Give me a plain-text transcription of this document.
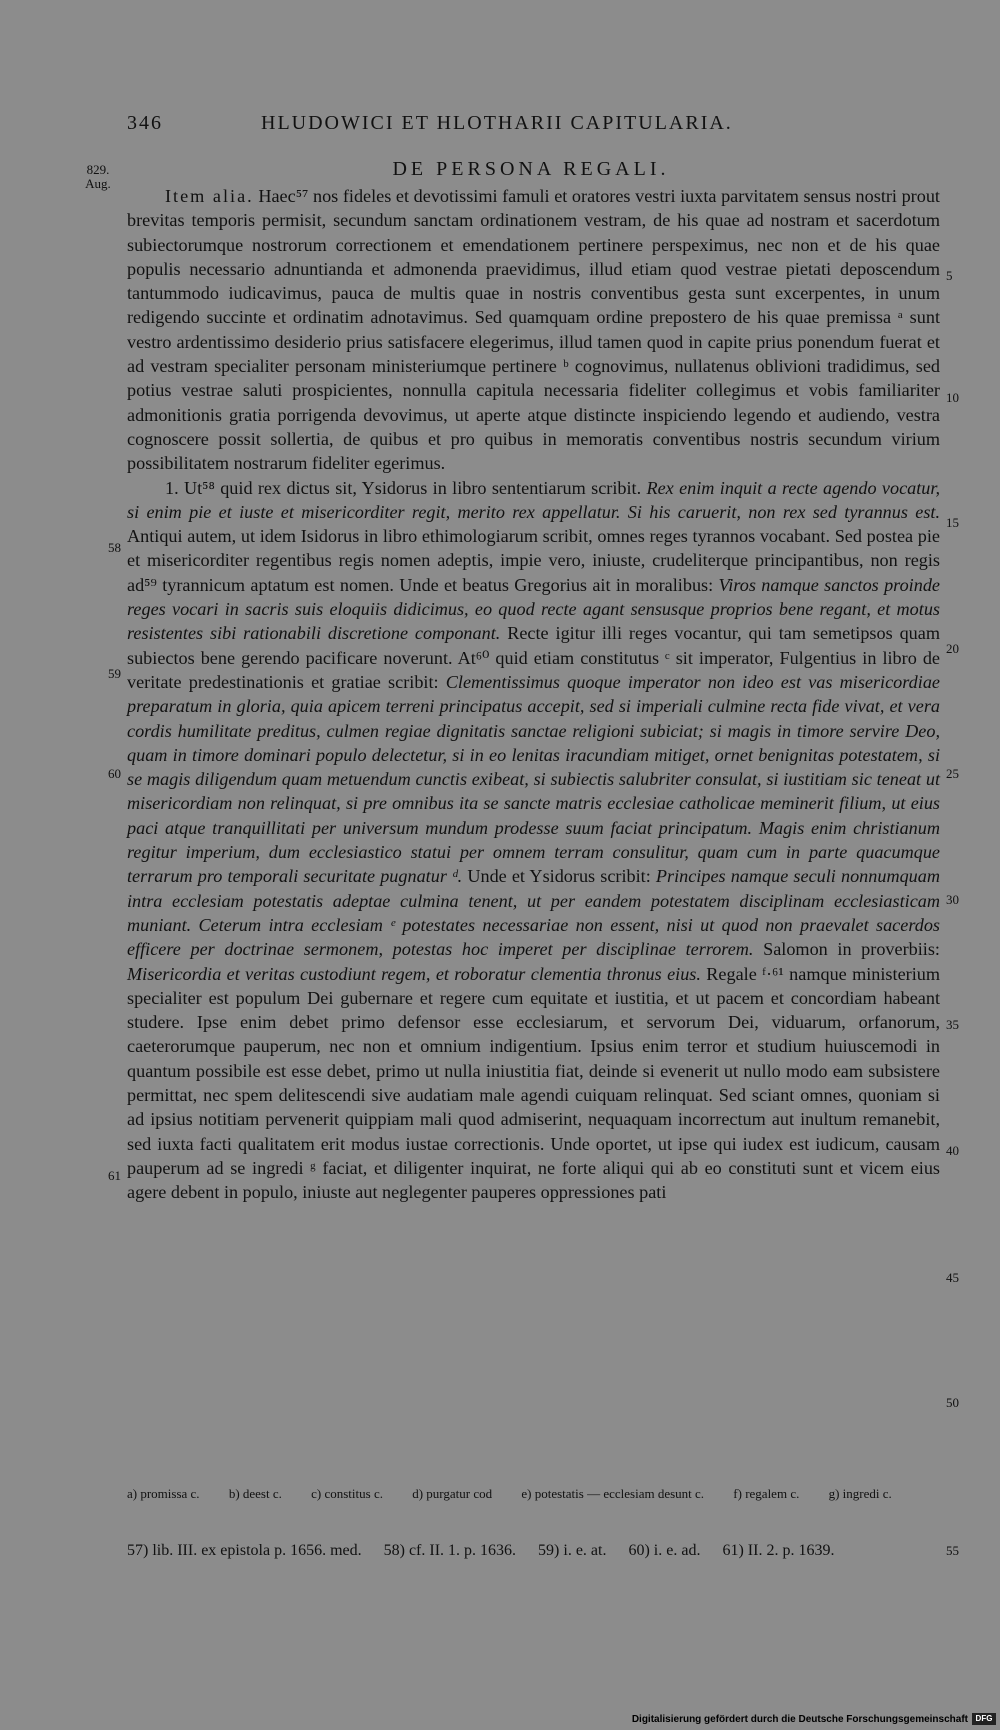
346	HLUDOWICI ET HLOTHARII CAPITULARIA.
829.
Aug.
DE PERSONA REGALI.

Item alia. Haec⁵⁷ nos fideles et devotissimi famuli et oratores vestri iuxta parvitatem sensus nostri prout brevitas temporis permisit, secundum sanctam ordinationem vestram, de his quae ad nostram et sacerdotum subiectorumque nostrorum correctionem et emendationem pertinere perspeximus, nec non et de his quae populis necessario adnuntianda et admonenda praevidimus, illud etiam quod vestrae pietati deposcendum tantummodo iudicavimus, pauca de multis quae in nostris conventibus gesta sunt excerpentes, in unum redigendo succinte et ordinatim adnotavimus. Sed quamquam ordine prepostero de his quae premissa ᵃ sunt vestro ardentissimo desiderio prius satisfacere elegerimus, illud tamen quod in capite prius ponendum fuerat et ad vestram specialiter personam ministeriumque pertinere ᵇ cognovimus, nullatenus oblivioni tradidimus, sed potius vestrae saluti prospicientes, nonnulla capitula necessaria fideliter collegimus et vobis familiariter admonitionis gratia porrigenda devovimus, ut aperte atque distincte inspiciendo legendo et audiendo, vestra cognoscere possit sollertia, de quibus et pro quibus in memoratis conventibus nostris secundum virium possibilitatem nostrarum fideliter egerimus.

1. Ut⁵⁸ quid rex dictus sit, Ysidorus in libro sententiarum scribit. Rex enim inquit a recte agendo vocatur, si enim pie et iuste et misericorditer regit, merito rex appellatur. Si his caruerit, non rex sed tyrannus est. Antiqui autem, ut idem Isidorus in libro ethimologiarum scribit, omnes reges tyrannos vocabant. Sed postea pie et misericorditer regentibus regis nomen adeptis, impie vero, iniuste, crudeliterque principantibus, non regis ad⁵⁹ tyrannicum aptatum est nomen. Unde et beatus Gregorius ait in moralibus: Viros namque sanctos proinde reges vocari in sacris suis eloquiis didicimus, eo quod recte agant sensusque proprios bene regant, et motus resistentes sibi rationabili discretione componant. Recte igitur illi reges vocantur, qui tam semetipsos quam subiectos bene gerendo pacificare noverunt. At⁶⁰ quid etiam constitutus ᶜ sit imperator, Fulgentius in libro de veritate predestinationis et gratiae scribit: Clementissimus quoque imperator non ideo est vas misericordiae preparatum in gloria, quia apicem terreni principatus accepit, sed si imperiali culmine recta fide vivat, et vera cordis humilitate preditus, culmen regiae dignitatis sanctae religioni subiciat; si magis in timore servire Deo, quam in timore dominari populo delectetur, si in eo lenitas iracundiam mitiget, ornet benignitas potestatem, si se magis diligendum quam metuendum cunctis exibeat, si subiectis salubriter consulat, si iustitiam sic teneat ut misericordiam non relinquat, si pre omnibus ita se sancte matris ecclesiae catholicae meminerit filium, ut eius paci atque tranquillitati per universum mundum prodesse suum faciat principatum. Magis enim christianum regitur imperium, dum ecclesiastico statui per omnem terram consulitur, quam cum in parte quacumque terrarum pro temporali securitate pugnatur ᵈ. Unde et Ysidorus scribit: Principes namque seculi nonnumquam intra ecclesiam potestatis adeptae culmina tenent, ut per eandem potestatem disciplinam ecclesiasticam muniant. Ceterum intra ecclesiam ᵉ potestates necessariae non essent, nisi ut quod non praevalet sacerdos efficere per doctrinae sermonem, potestas hoc imperet per disciplinae terrorem. Salomon in proverbiis: Misericordia et veritas custodiunt regem, et roboratur clementia thronus eius. Regale ᶠ·⁶¹ namque ministerium specialiter est populum Dei gubernare et regere cum equitate et iustitia, et ut pacem et concordiam habeant studere. Ipse enim debet primo defensor esse ecclesiarum, et servorum Dei, viduarum, orfanorum, caeterorumque pauperum, nec non et omnium indigentium. Ipsius enim terror et studium huiuscemodi in quantum possibile est esse debet, primo ut nulla iniustitia fiat, deinde si evenerit ut nullo modo eam subsistere permittat, nec spem delitescendi sive audatiam male agendi cuiquam relinquat. Sed sciant omnes, quoniam si ad ipsius notitiam pervenerit quippiam mali quod admiserint, nequaquam incorrectum aut inultum remanebit, sed iuxta facti qualitatem erit modus iustae correctionis. Unde oportet, ut ipse qui iudex est iudicum, causam pauperum ad se ingredi ᵍ faciat, et diligenter inquirat, ne forte aliqui qui ab eo constituti sunt et vicem eius agere debent in populo, iniuste aut neglegenter pauperes oppressiones pati

5
10
15
20
25
30
35
40
45
50
58
59
60
61
a) promissa c. b) deest c. c) constitus c. d) purgatur cod e) potestatis — ecclesiam desunt c. f) regalem c. g) ingredi c.
57) lib. III. ex epistola p. 1656. med. 58) cf. II. 1. p. 1636. 59) i. e. at. 60) i. e. ad. 61) II. 2. p. 1639.	55
Digitalisierung gefördert durch die Deutsche Forschungsgemeinschaft DFG
